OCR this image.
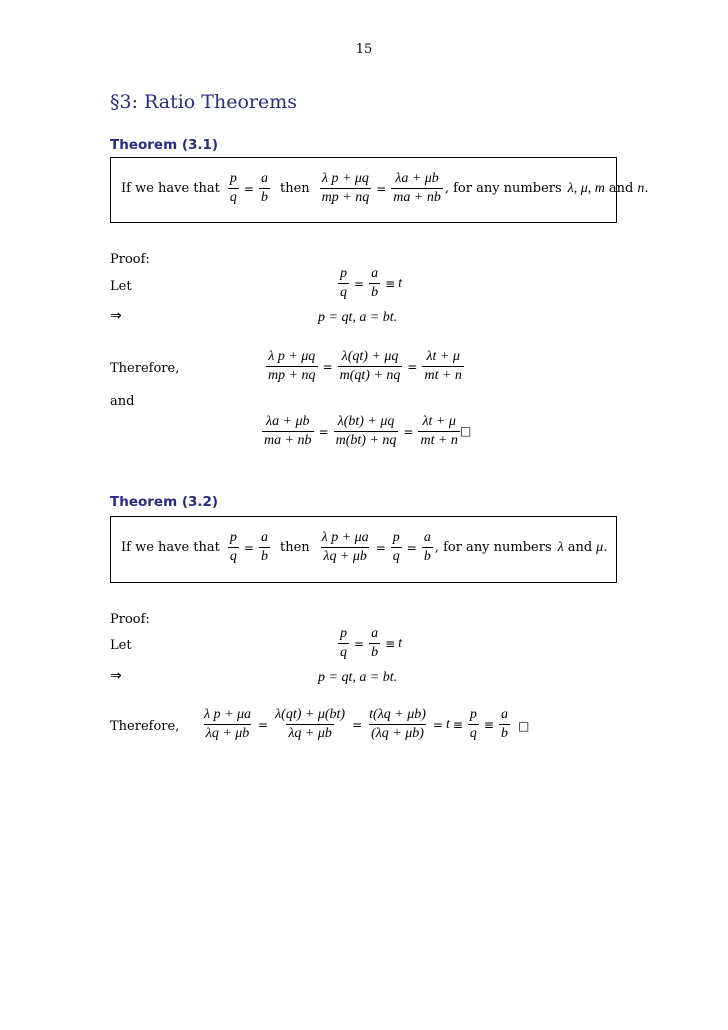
15
§3: Ratio Theorems
Theorem (3.1)
If we have that $\frac{p}{q} = \frac{a}{b}$ then $\frac{\text{λ p + μq}}{mp + nq} = \frac{\lambda a + \mu b}{ma + nb}$ , for any numbers λ, μ, m and n .
Proof:
Let	$\frac{p}{q} = \frac{a}{b} \equiv t$
⇒	p = qt, a = bt.
Therefore,	$\frac{\text{λ p + μq}}{mp + nq} = \frac{\lambda(qt) + \mu q}{m(qt) + nq} = \frac{\lambda t + \mu}{mt + n}$
and
$\frac{\lambda a + \mu b}{ma + nb} = \frac{\lambda(bt) + \mu q}{m(bt) + nq} = \frac{\lambda t + \mu}{mt + n}$ □
Theorem (3.2)
If we have that $\frac{p}{q} = \frac{a}{b}$ then $\frac{\text{λ p + μa}}{\lambda q + \mu b} = \frac{p}{q} = \frac{a}{b}$ , for any numbers λ and μ .
Proof:
Let	$\frac{p}{q} = \frac{a}{b} \equiv t$
⇒	p = qt, a = bt.
Therefore, $\frac{\text{λ p + μa}}{\lambda q + \mu b} = \frac{\lambda(qt) + \mu(bt)}{\lambda q + \mu b} = \frac{t(\lambda q + \mu b)}{(\lambda q + \mu b)} = t \equiv \frac{p}{q} \equiv \frac{a}{b}$ □
